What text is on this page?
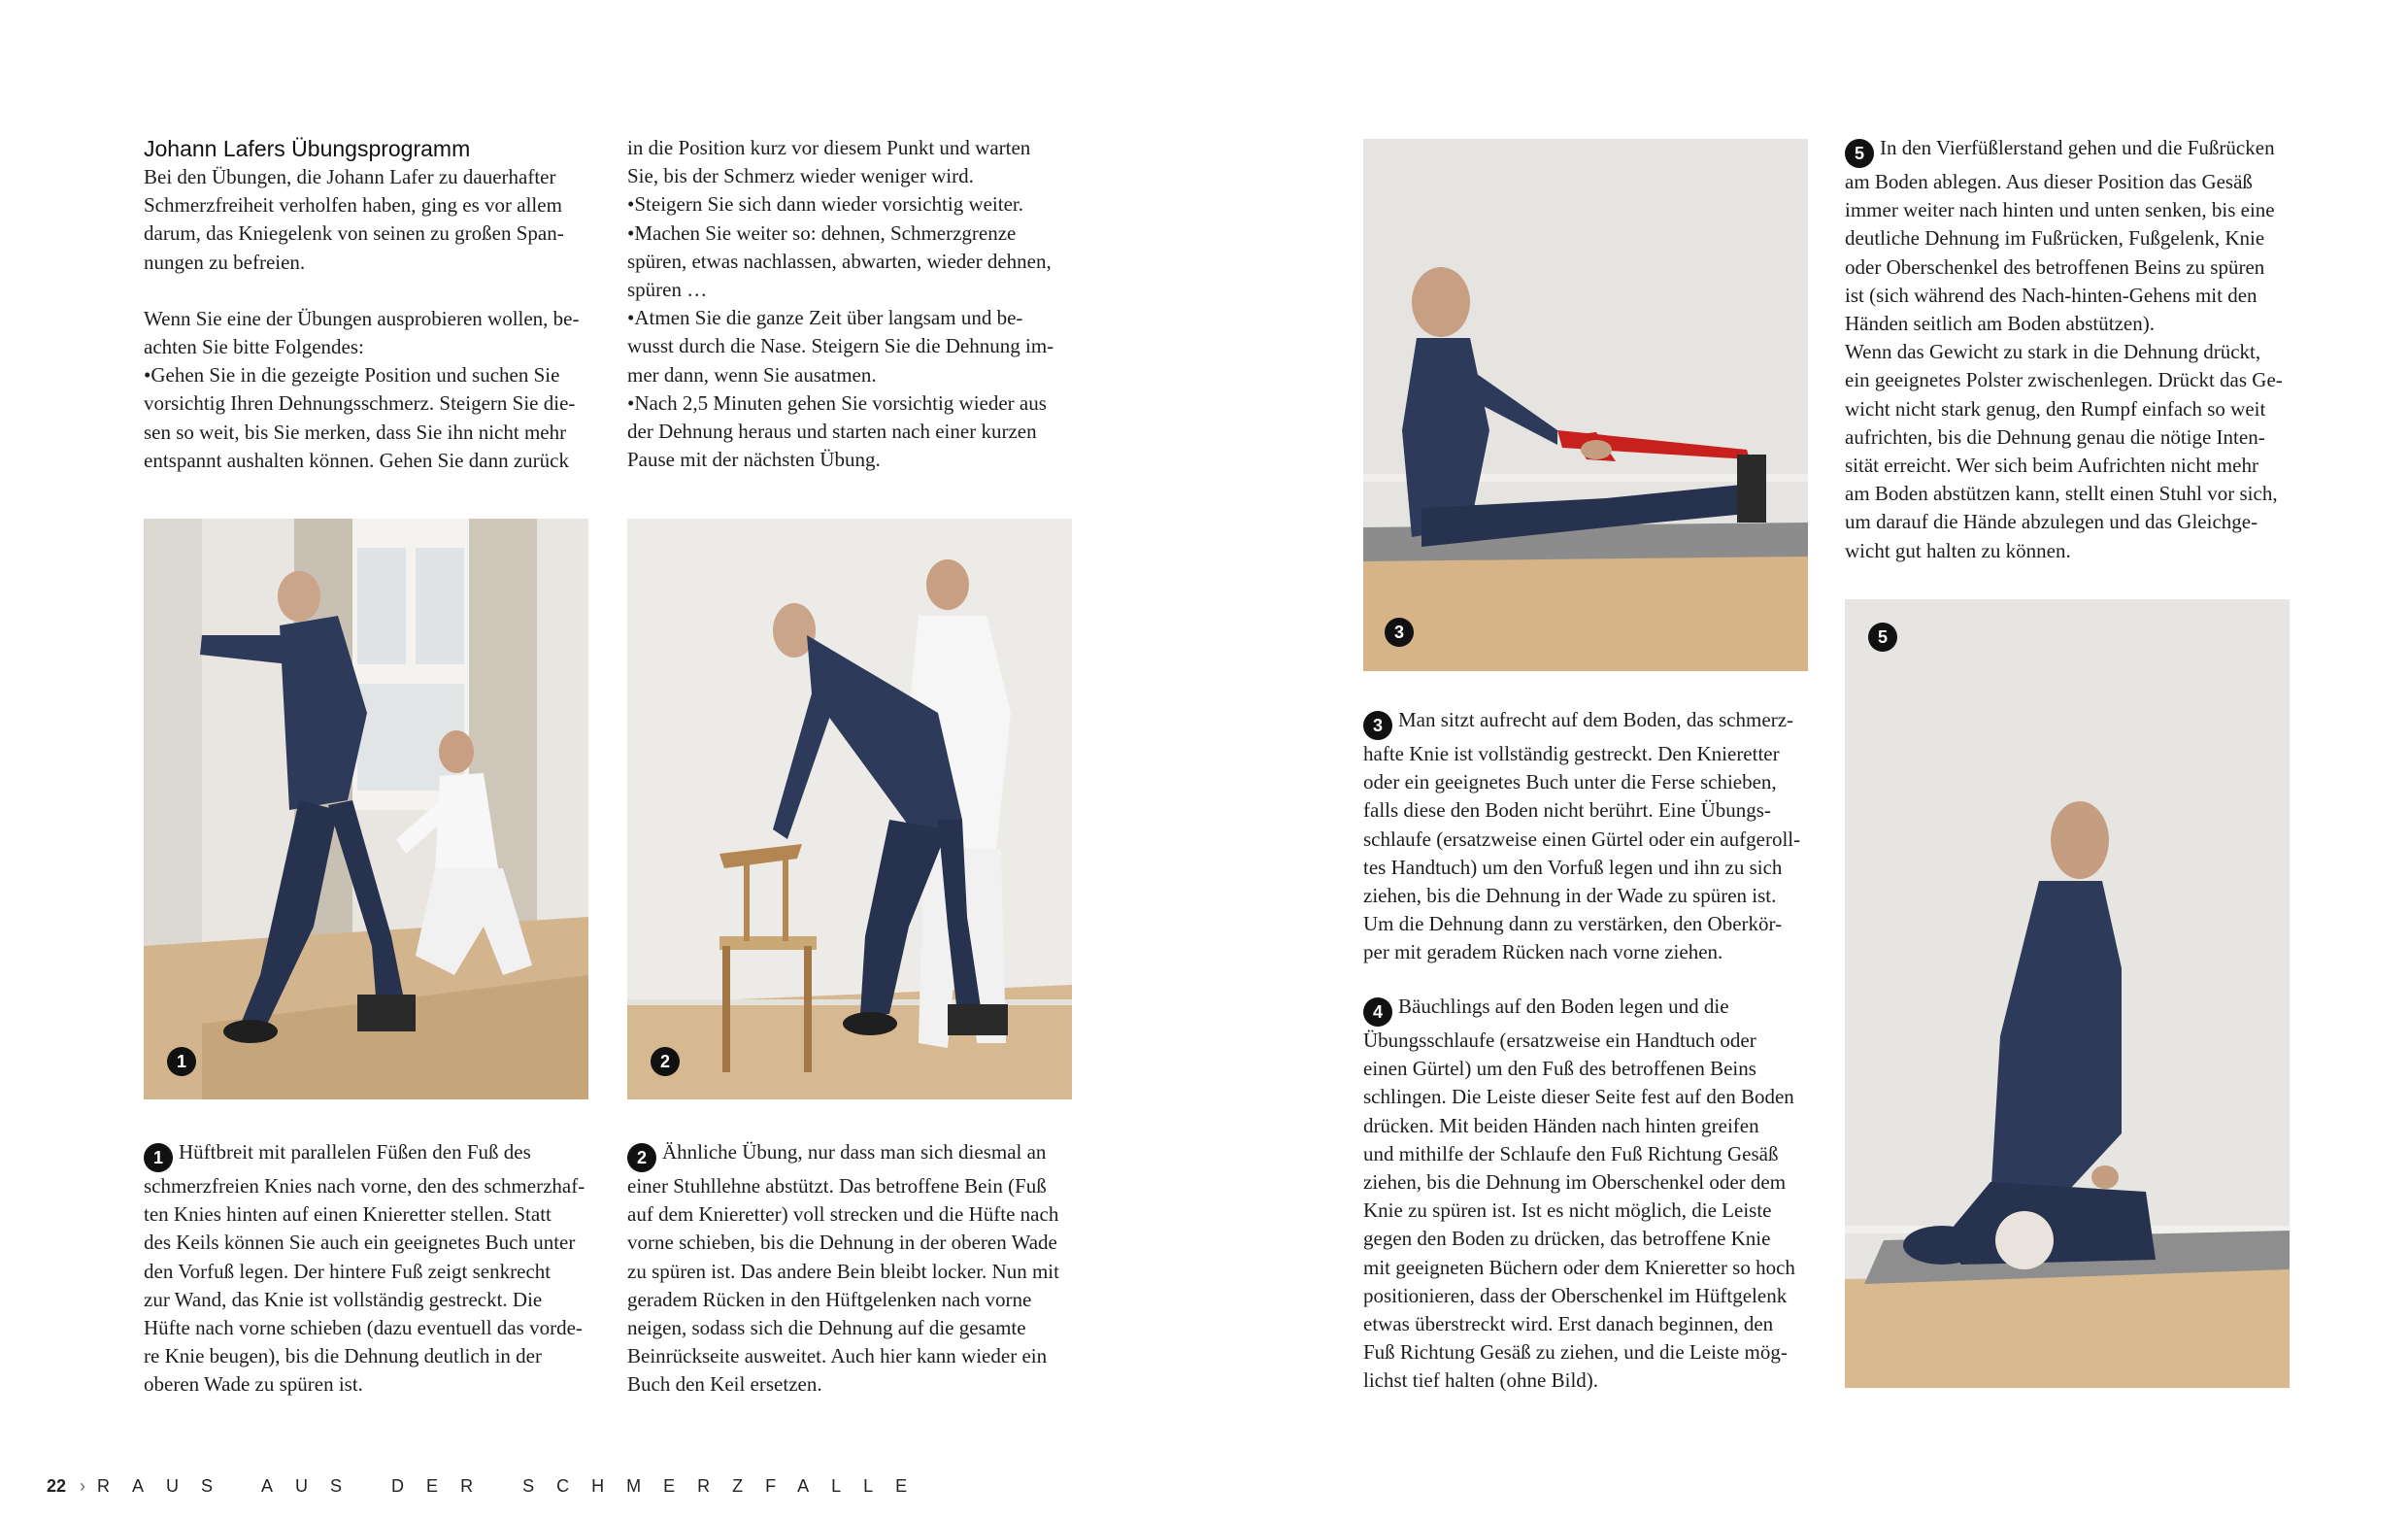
Johann Lafers Übungsprogramm

Bei den Übungen, die Johann Lafer zu dauerhafter

Schmerzfreiheit verholfen haben, ging es vor allem

darum, das Kniegelenk von seinen zu großen Span-

nungen zu befreien.

Wenn Sie eine der Übungen ausprobieren wollen, be-

achten Sie bitte Folgendes:

•Gehen Sie in die gezeigte Position und suchen Sie

vorsichtig Ihren Dehnungsschmerz. Steigern Sie die-

sen so weit, bis Sie merken, dass Sie ihn nicht mehr

entspannt aushalten können. Gehen Sie dann zurück

in die Position kurz vor diesem Punkt und warten

Sie, bis der Schmerz wieder weniger wird.

•Steigern Sie sich dann wieder vorsichtig weiter.

•Machen Sie weiter so: dehnen, Schmerzgrenze

spüren, etwas nachlassen, abwarten, wieder dehnen,

spüren …

•Atmen Sie die ganze Zeit über langsam und be-

wusst durch die Nase. Steigern Sie die Dehnung im-

mer dann, wenn Sie ausatmen.

•Nach 2,5 Minuten gehen Sie vorsichtig wieder aus

der Dehnung heraus und starten nach einer kurzen

Pause mit der nächsten Übung.

1	2

1 Hüftbreit mit parallelen Füßen den Fuß des

schmerzfreien Knies nach vorne, den des schmerzhaf-

ten Knies hinten auf einen Knieretter stellen. Statt

des Keils können Sie auch ein geeignetes Buch unter

den Vorfuß legen. Der hintere Fuß zeigt senkrecht

zur Wand, das Knie ist vollständig gestreckt. Die

Hüfte nach vorne schieben (dazu eventuell das vorde-

re Knie beugen), bis die Dehnung deutlich in der

oberen Wade zu spüren ist.

2 Ähnliche Übung, nur dass man sich diesmal an

einer Stuhllehne abstützt. Das betroffene Bein (Fuß

auf dem Knieretter) voll strecken und die Hüfte nach

vorne schieben, bis die Dehnung in der oberen Wade

zu spüren ist. Das andere Bein bleibt locker. Nun mit

geradem Rücken in den Hüftgelenken nach vorne

neigen, sodass sich die Dehnung auf die gesamte

Beinrückseite ausweitet. Auch hier kann wieder ein

Buch den Keil ersetzen.

22 › RAUS AUS DER SCHMERZFALLE
3

3 Man sitzt aufrecht auf dem Boden, das schmerz-

hafte Knie ist vollständig gestreckt. Den Knieretter

oder ein geeignetes Buch unter die Ferse schieben,

falls diese den Boden nicht berührt. Eine Übungs-

schlaufe (ersatzweise einen Gürtel oder ein aufgeroll-

tes Handtuch) um den Vorfuß legen und ihn zu sich

ziehen, bis die Dehnung in der Wade zu spüren ist.

Um die Dehnung dann zu verstärken, den Oberkör-

per mit geradem Rücken nach vorne ziehen.

4 Bäuchlings auf den Boden legen und die

Übungsschlaufe (ersatzweise ein Handtuch oder

einen Gürtel) um den Fuß des betroffenen Beins

schlingen. Die Leiste dieser Seite fest auf den Boden

drücken. Mit beiden Händen nach hinten greifen

und mithilfe der Schlaufe den Fuß Richtung Gesäß

ziehen, bis die Dehnung im Oberschenkel oder dem

Knie zu spüren ist. Ist es nicht möglich, die Leiste

gegen den Boden zu drücken, das betroffene Knie

mit geeigneten Büchern oder dem Knieretter so hoch

positionieren, dass der Oberschenkel im Hüftgelenk

etwas überstreckt wird. Erst danach beginnen, den

Fuß Richtung Gesäß zu ziehen, und die Leiste mög-

lichst tief halten (ohne Bild).

5 In den Vierfüßlerstand gehen und die Fußrücken

am Boden ablegen. Aus dieser Position das Gesäß

immer weiter nach hinten und unten senken, bis eine

deutliche Dehnung im Fußrücken, Fußgelenk, Knie

oder Oberschenkel des betroffenen Beins zu spüren

ist (sich während des Nach-hinten-Gehens mit den

Händen seitlich am Boden abstützen).

Wenn das Gewicht zu stark in die Dehnung drückt,

ein geeignetes Polster zwischenlegen. Drückt das Ge-

wicht nicht stark genug, den Rumpf einfach so weit

aufrichten, bis die Dehnung genau die nötige Inten-

sität erreicht. Wer sich beim Aufrichten nicht mehr

am Boden abstützen kann, stellt einen Stuhl vor sich,

um darauf die Hände abzulegen und das Gleichge-

wicht gut halten zu können.

5
